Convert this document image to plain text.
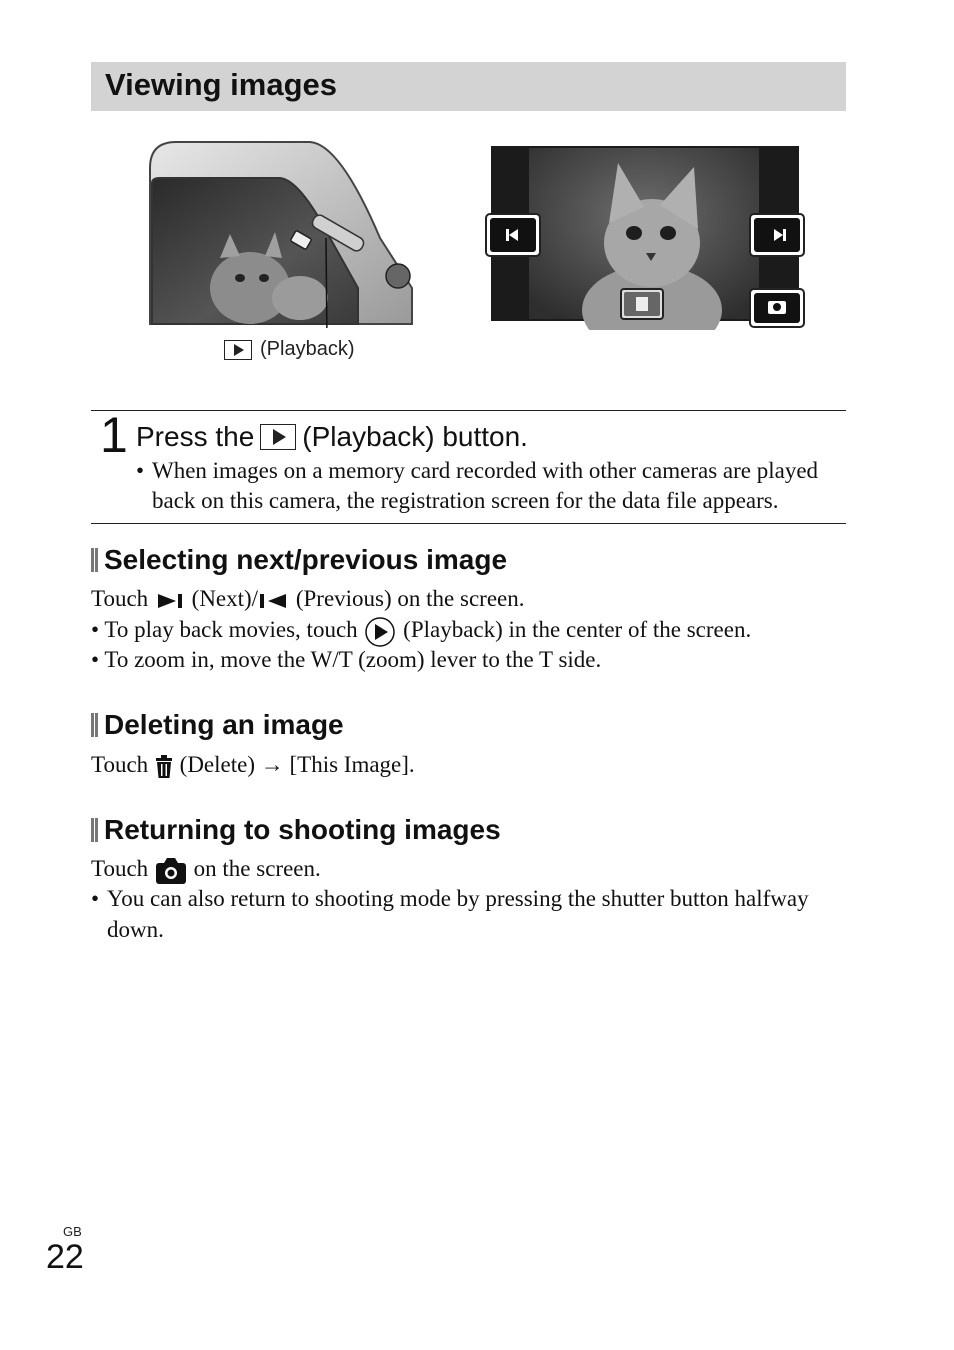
Viewing images
(Playback)
1 Press the (Playback) button.
• When images on a memory card recorded with other cameras are played
back on this camera, the registration screen for the data file appears.
Selecting next/previous image
Touch (Next)/ (Previous) on the screen.
• To play back movies, touch (Playback) in the center of the screen.
• To zoom in, move the W/T (zoom) lever to the T side.
Deleting an image
Touch (Delete) → [This Image].
Returning to shooting images
Touch on the screen.
• You can also return to shooting mode by pressing the shutter button halfway
down.
GB
22
